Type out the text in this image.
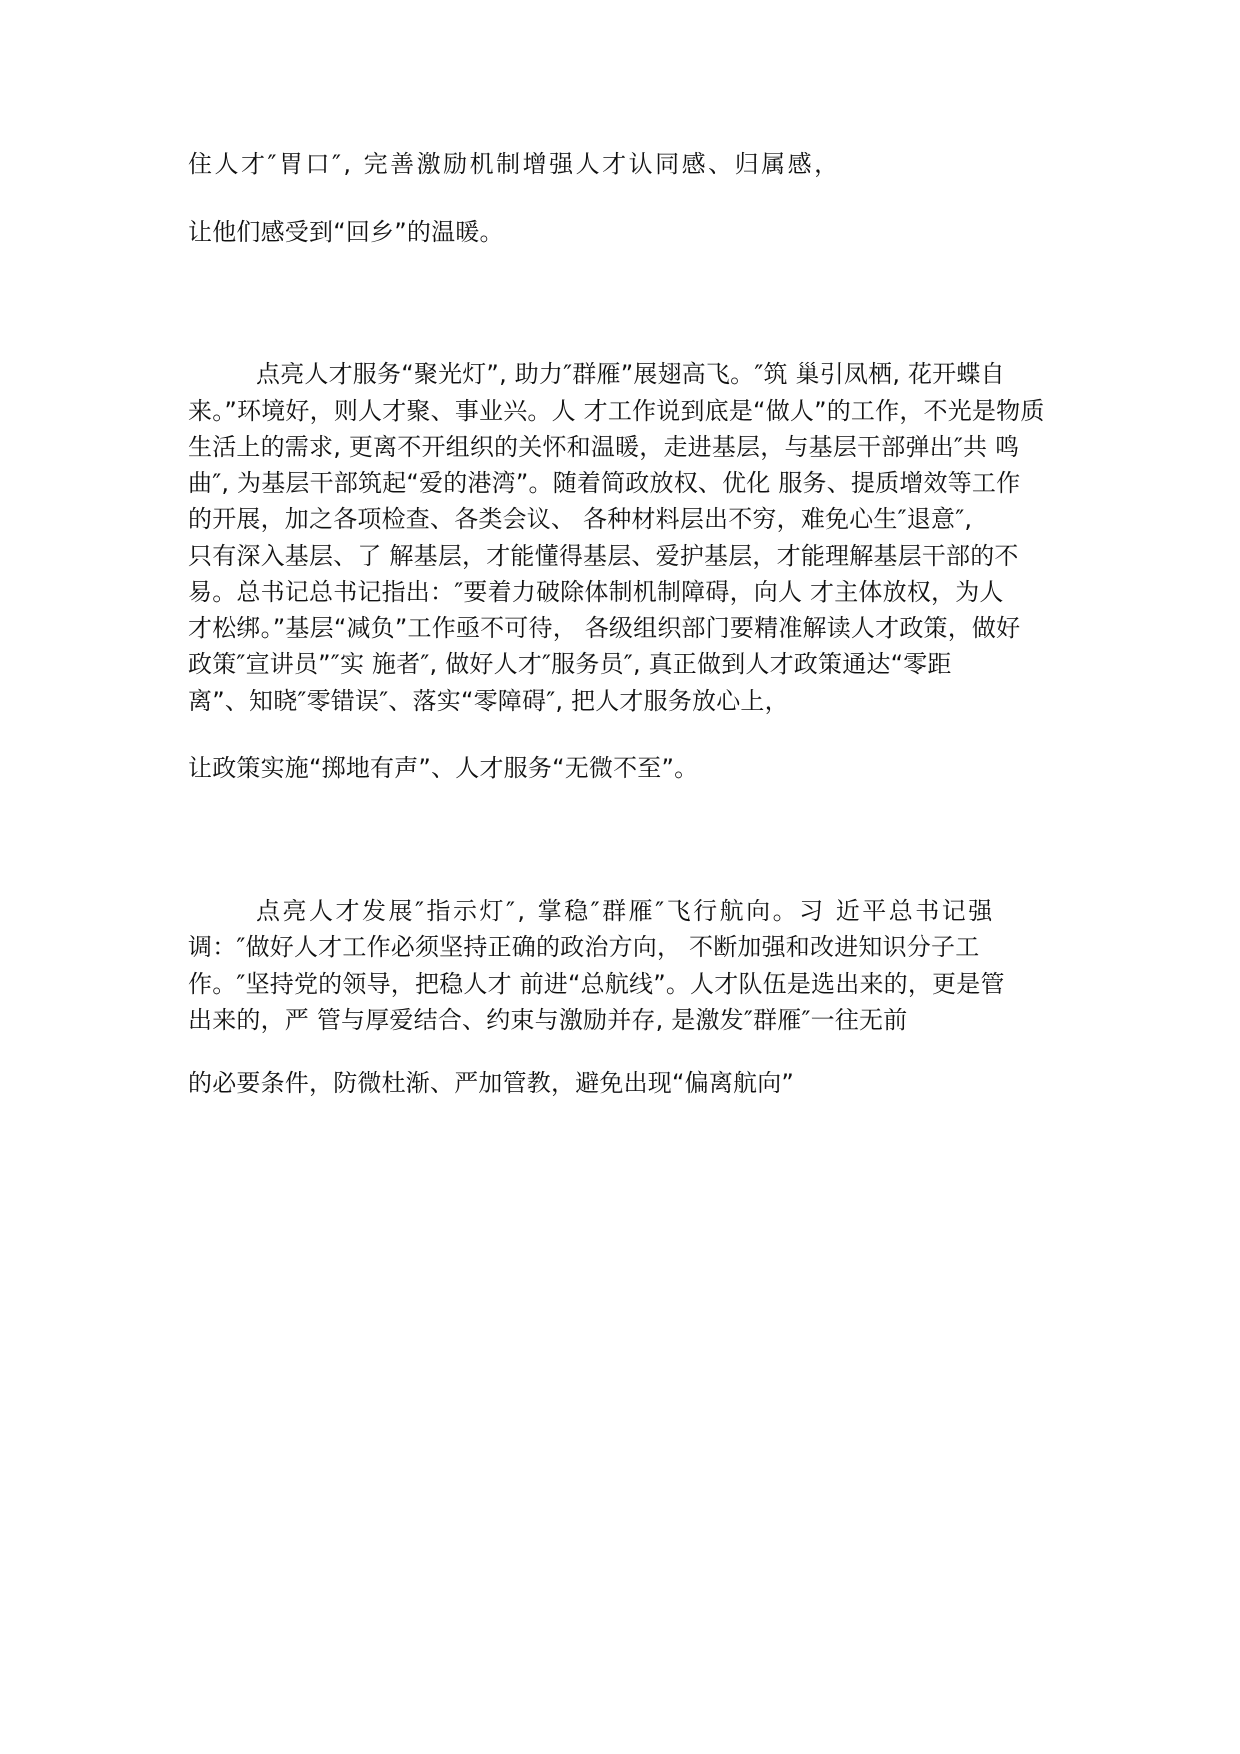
住人才″胃口″, 完善激励机制增强人才认同感、归属感，
让他们感受到“回乡”的温暖。
点亮人才服务“聚光灯”, 助力″群雁”展翅高飞。″筑 巢引凤栖, 花开蝶自
来。”环境好，则人才聚、事业兴。人 才工作说到底是“做人”的工作，不光是物质
生活上的需求, 更离不开组织的关怀和温暖，走进基层，与基层干部弹出″共 鸣
曲″, 为基层干部筑起“爱的港湾”。随着简政放权、优化 服务、提质增效等工作
的开展，加之各项检查、各类会议、 各种材料层出不穷，难免心生″退意″,
只有深入基层、了 解基层，才能懂得基层、爱护基层，才能理解基层干部的不
易。总书记总书记指出：″要着力破除体制机制障碍，向人 才主体放权，为人
才松绑。”基层“减负”工作亟不可待， 各级组织部门要精准解读人才政策，做好
政策″宣讲员”″实 施者″, 做好人才″服务员″, 真正做到人才政策通达“零距
离”、知晓″零错误″、落实“零障碍″, 把人才服务放心上，
让政策实施“掷地有声”、人才服务“无微不至”。
点亮人才发展″指示灯″, 掌稳″群雁″飞行航向。习 近平总书记强
调：″做好人才工作必须坚持正确的政治方向， 不断加强和改进知识分子工
作。″坚持党的领导，把稳人才 前进“总航线”。人才队伍是选出来的，更是管
出来的，严 管与厚爱结合、约束与激励并存, 是激发″群雁″一往无前
的必要条件，防微杜渐、严加管教，避免出现“偏离航向”
